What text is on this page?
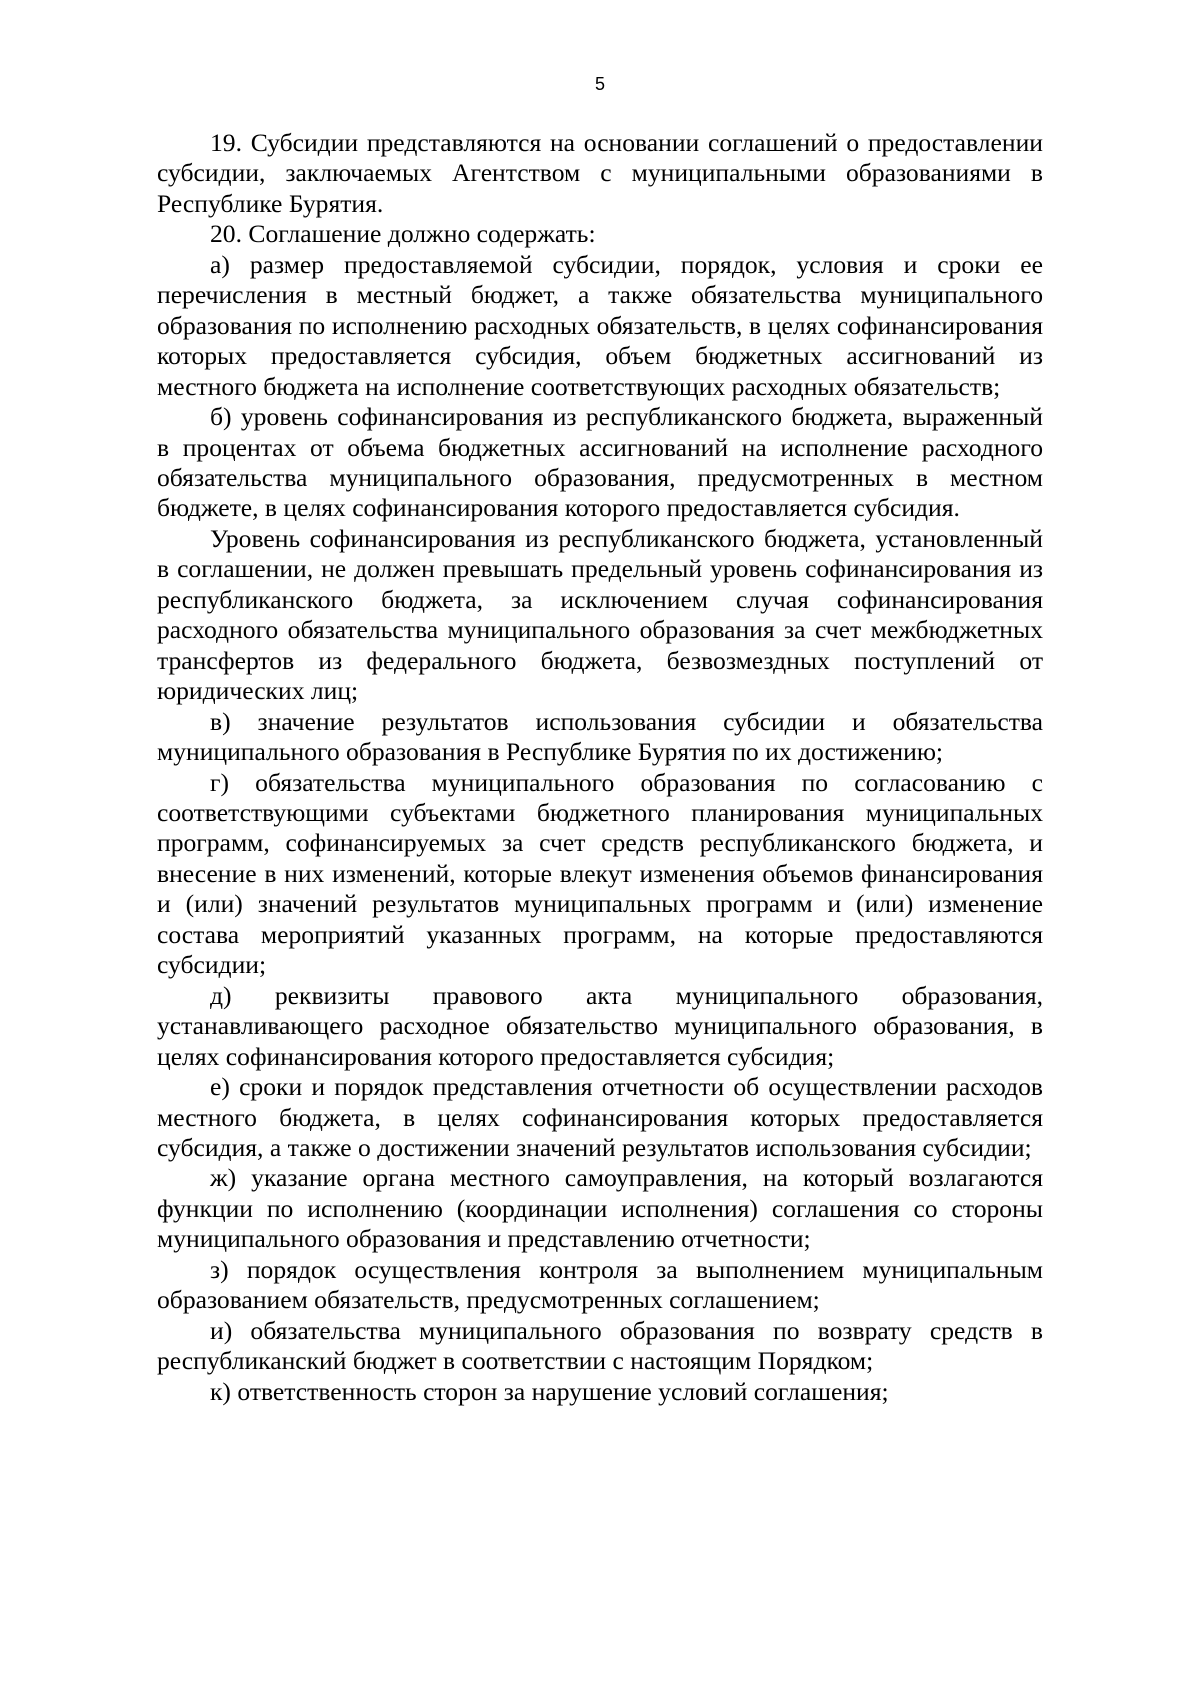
5

19. Субсидии представляются на основании соглашений о предоставлении субсидии, заключаемых Агентством с муниципальными образованиями в Республике Бурятия.

20. Соглашение должно содержать:

а) размер предоставляемой субсидии, порядок, условия и сроки ее перечисления в местный бюджет, а также обязательства муниципального образования по исполнению расходных обязательств, в целях софинансирования которых предоставляется субсидия, объем бюджетных ассигнований из местного бюджета на исполнение соответствующих расходных обязательств;

б) уровень софинансирования из республиканского бюджета, выраженный в процентах от объема бюджетных ассигнований на исполнение расходного обязательства муниципального образования, предусмотренных в местном бюджете, в целях софинансирования которого предоставляется субсидия.

Уровень софинансирования из республиканского бюджета, установленный в соглашении, не должен превышать предельный уровень софинансирования из республиканского бюджета, за исключением случая софинансирования расходного обязательства муниципального образования за счет межбюджетных трансфертов из федерального бюджета, безвозмездных поступлений от юридических лиц;

в) значение результатов использования субсидии и обязательства муниципального образования в Республике Бурятия по их достижению;

г) обязательства муниципального образования по согласованию с соответствующими субъектами бюджетного планирования муниципальных программ, софинансируемых за счет средств республиканского бюджета, и внесение в них изменений, которые влекут изменения объемов финансирования и (или) значений результатов муниципальных программ и (или) изменение состава мероприятий указанных программ, на которые предоставляются субсидии;

д) реквизиты правового акта муниципального образования, устанавливающего расходное обязательство муниципального образования, в целях софинансирования которого предоставляется субсидия;

е) сроки и порядок представления отчетности об осуществлении расходов местного бюджета, в целях софинансирования которых предоставляется субсидия, а также о достижении значений результатов использования субсидии;

ж) указание органа местного самоуправления, на который возлагаются функции по исполнению (координации исполнения) соглашения со стороны муниципального образования и представлению отчетности;

з) порядок осуществления контроля за выполнением муниципальным образованием обязательств, предусмотренных соглашением;

и) обязательства муниципального образования по возврату средств в республиканский бюджет в соответствии с настоящим Порядком;

к) ответственность сторон за нарушение условий соглашения;
